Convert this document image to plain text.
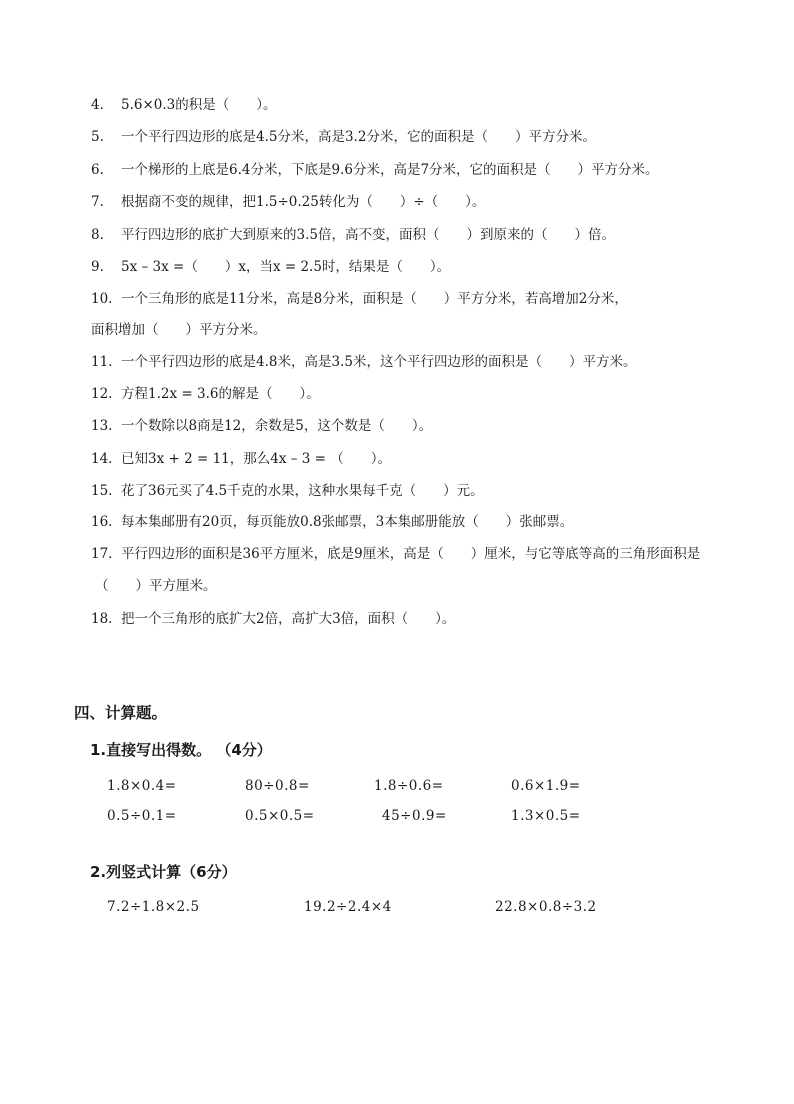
4. 5.6×0.3的积是（　　）。
5. 一个平行四边形的底是4.5分米，高是3.2分米，它的面积是（　　）平方分米。
6. 一个梯形的上底是6.4分米，下底是9.6分米，高是7分米，它的面积是（　　）平方分米。
7. 根据商不变的规律，把1.5÷0.25转化为（　　）÷（　　）。
8. 平行四边形的底扩大到原来的3.5倍，高不变，面积（　　）到原来的（　　）倍。
9. 5x – 3x =（　　）x，当x = 2.5时，结果是（　　）。
10. 一个三角形的底是11分米，高是8分米，面积是（　　）平方分米，若高增加2分米，
面积增加（　　）平方分米。
11. 一个平行四边形的底是4.8米，高是3.5米，这个平行四边形的面积是（　　）平方米。
12. 方程1.2x = 3.6的解是（　　）。
13. 一个数除以8商是12，余数是5，这个数是（　　）。
14. 已知3x + 2 = 11，那么4x – 3 = （　　）。
15. 花了36元买了4.5千克的水果，这种水果每千克（　　）元。
16. 每本集邮册有20页，每页能放0.8张邮票，3本集邮册能放（　　）张邮票。
17. 平行四边形的面积是36平方厘米，底是9厘米，高是（　　）厘米，与它等底等高的三角形面积是
（　　）平方厘米。
18. 把一个三角形的底扩大2倍，高扩大3倍，面积（　　）。
四、计算题。
1.直接写出得数。 （4分）
1.8×0.4=	80÷0.8=	1.8÷0.6=	0.6×1.9=
0.5÷0.1=	0.5×0.5=	45÷0.9=	1.3×0.5=
2.列竖式计算（6分）
7.2÷1.8×2.5	19.2÷2.4×4	22.8×0.8÷3.2
